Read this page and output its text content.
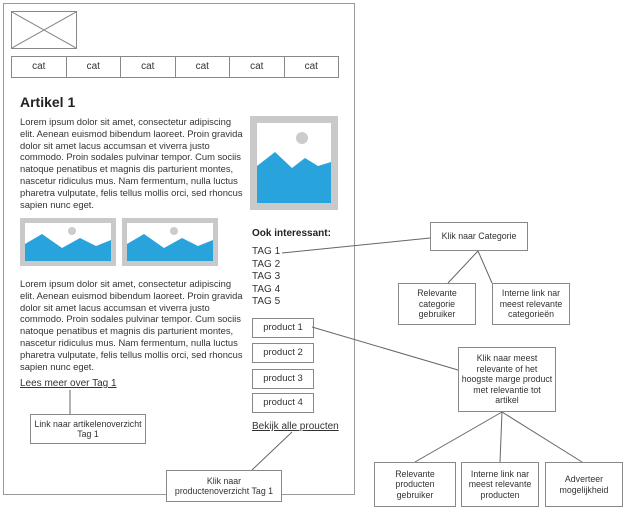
cat	cat	cat	cat	cat	cat
Artikel 1
Lorem ipsum dolor sit amet, consectetur adipiscing elit. Aenean euismod bibendum laoreet. Proin gravida dolor sit amet lacus accumsan et viverra justo commodo. Proin sodales pulvinar tempor. Cum sociis natoque penatibus et magnis dis parturient montes, nascetur ridiculus mus. Nam fermentum, nulla luctus pharetra vulputate, felis tellus mollis orci, sed rhoncus sapien nunc eget.
Lorem ipsum dolor sit amet, consectetur adipiscing elit. Aenean euismod bibendum laoreet. Proin gravida dolor sit amet lacus accumsan et viverra justo commodo. Proin sodales pulvinar tempor. Cum sociis natoque penatibus et magnis dis parturient montes, nascetur ridiculus mus. Nam fermentum, nulla luctus pharetra vulputate, felis tellus mollis orci, sed rhoncus sapien nunc eget.
Lees meer over Tag 1
Ook interessant:
TAG 1
TAG 2
TAG 3
TAG 4
TAG 5
product 1
product 2
product 3
product 4
Bekijk alle proucten
Klik naar Categorie
Relevante categorie gebruiker
Interne link nar meest relevante categorieën
Klik naar meest relevante of het hoogste marge product met relevantie tot artikel
Relevante producten gebruiker
Interne link nar meest relevante producten
Adverteer mogelijkheid
Link naar artikelenoverzicht Tag 1
Klik naar productenoverzicht Tag 1
